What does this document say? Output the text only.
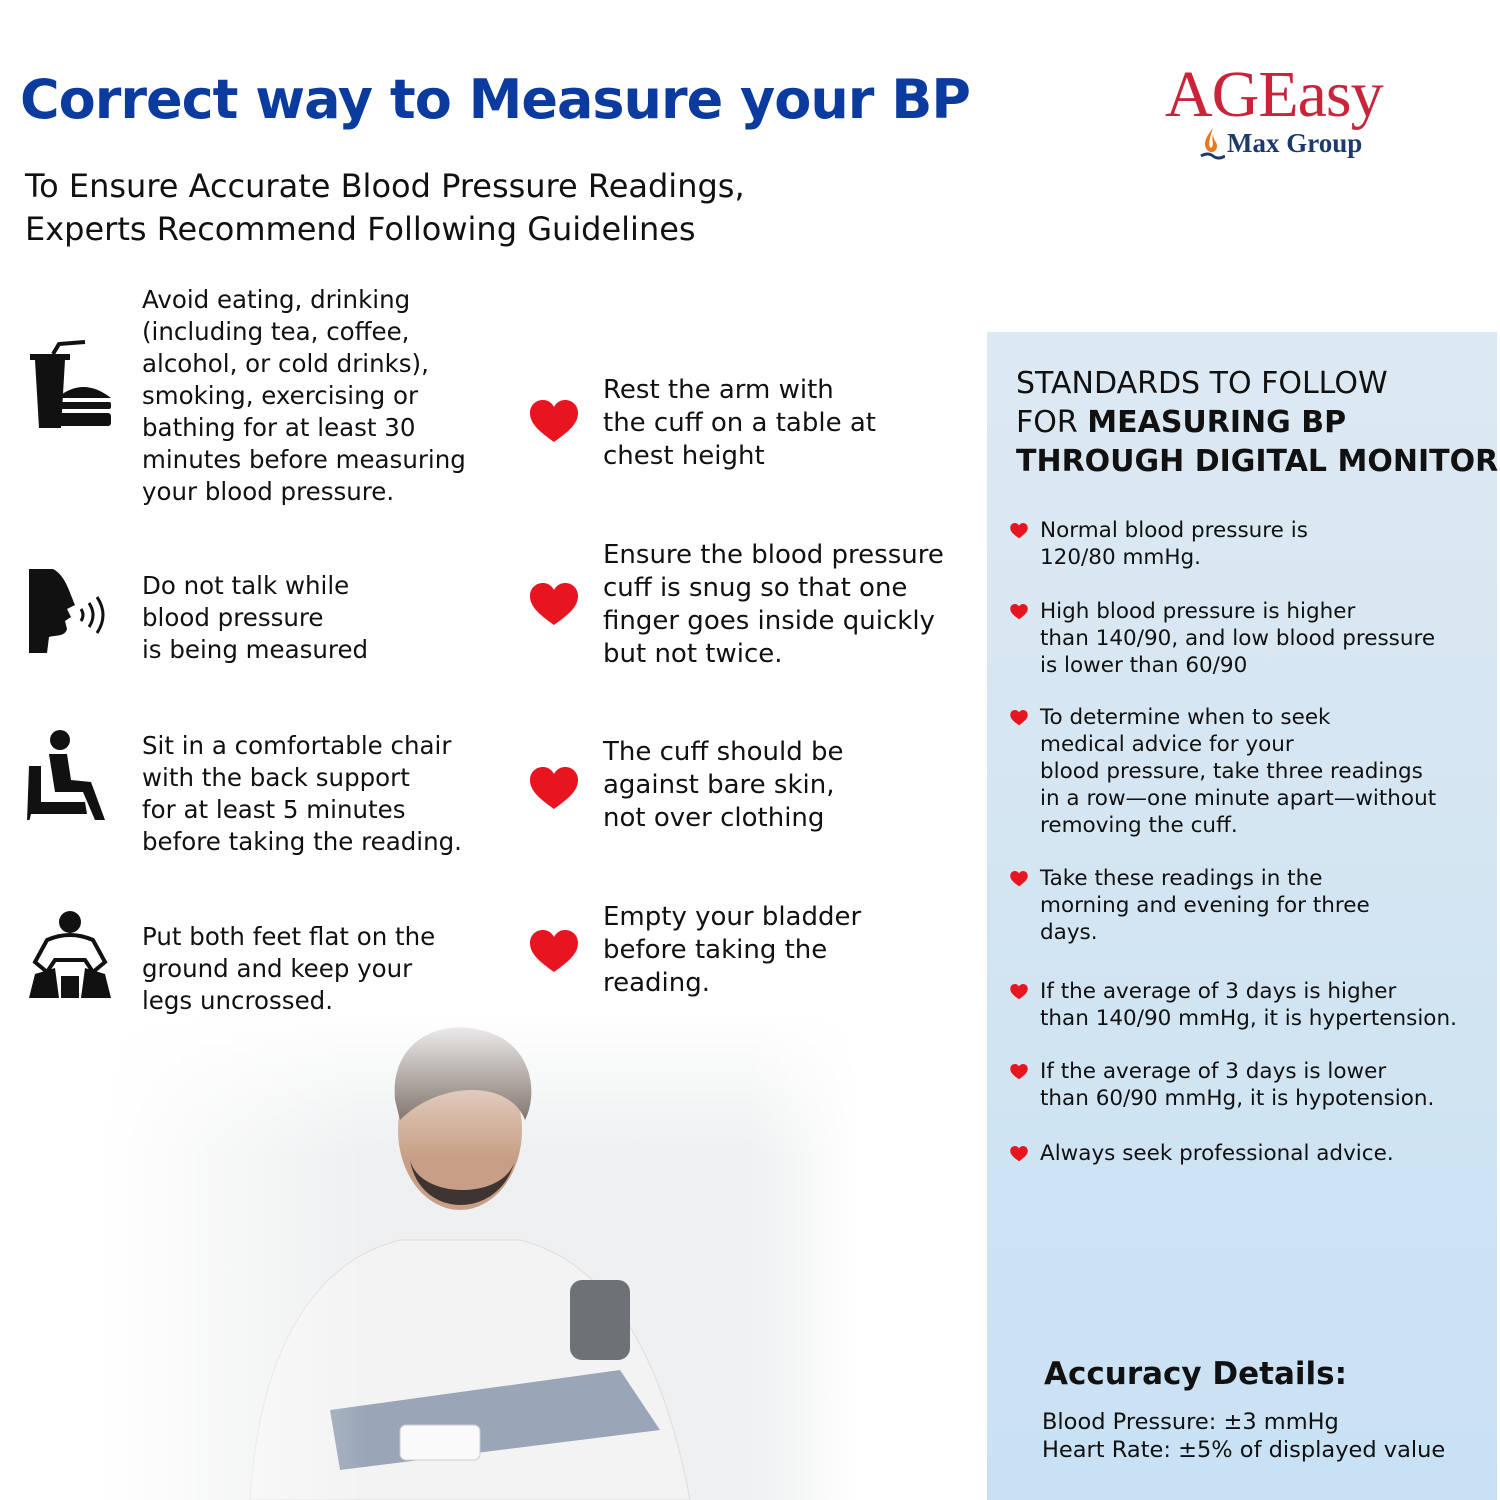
Correct way to Measure your BP
To Ensure Accurate Blood Pressure Readings,
Experts Recommend Following Guidelines
AGEasy
Max Group
Avoid eating, drinking
(including tea, coffee,
alcohol, or cold drinks),
smoking, exercising or
bathing for at least 30
minutes before measuring
your blood pressure.
Do not talk while
blood pressure
is being measured
Sit in a comfortable chair
with the back support
for at least 5 minutes
before taking the reading.
Put both feet flat on the
ground and keep your
legs uncrossed.
Rest the arm with
the cuff on a table at
chest height
Ensure the blood pressure
cuff is snug so that one
finger goes inside quickly
but not twice.
The cuff should be
against bare skin,
not over clothing
Empty your bladder
before taking the
reading.
STANDARDS TO FOLLOW
FOR MEASURING BP
THROUGH DIGITAL MONITOR
Normal blood pressure is
120/80 mmHg.
High blood pressure is higher
than 140/90, and low blood pressure
is lower than 60/90
To determine when to seek
medical advice for your
blood pressure, take three readings
in a row—one minute apart—without
removing the cuff.
Take these readings in the
morning and evening for three
days.
If the average of 3 days is higher
than 140/90 mmHg, it is hypertension.
If the average of 3 days is lower
than 60/90 mmHg, it is hypotension.
Always seek professional advice.
Accuracy Details:
Blood Pressure: ±3 mmHg
Heart Rate: ±5% of displayed value
